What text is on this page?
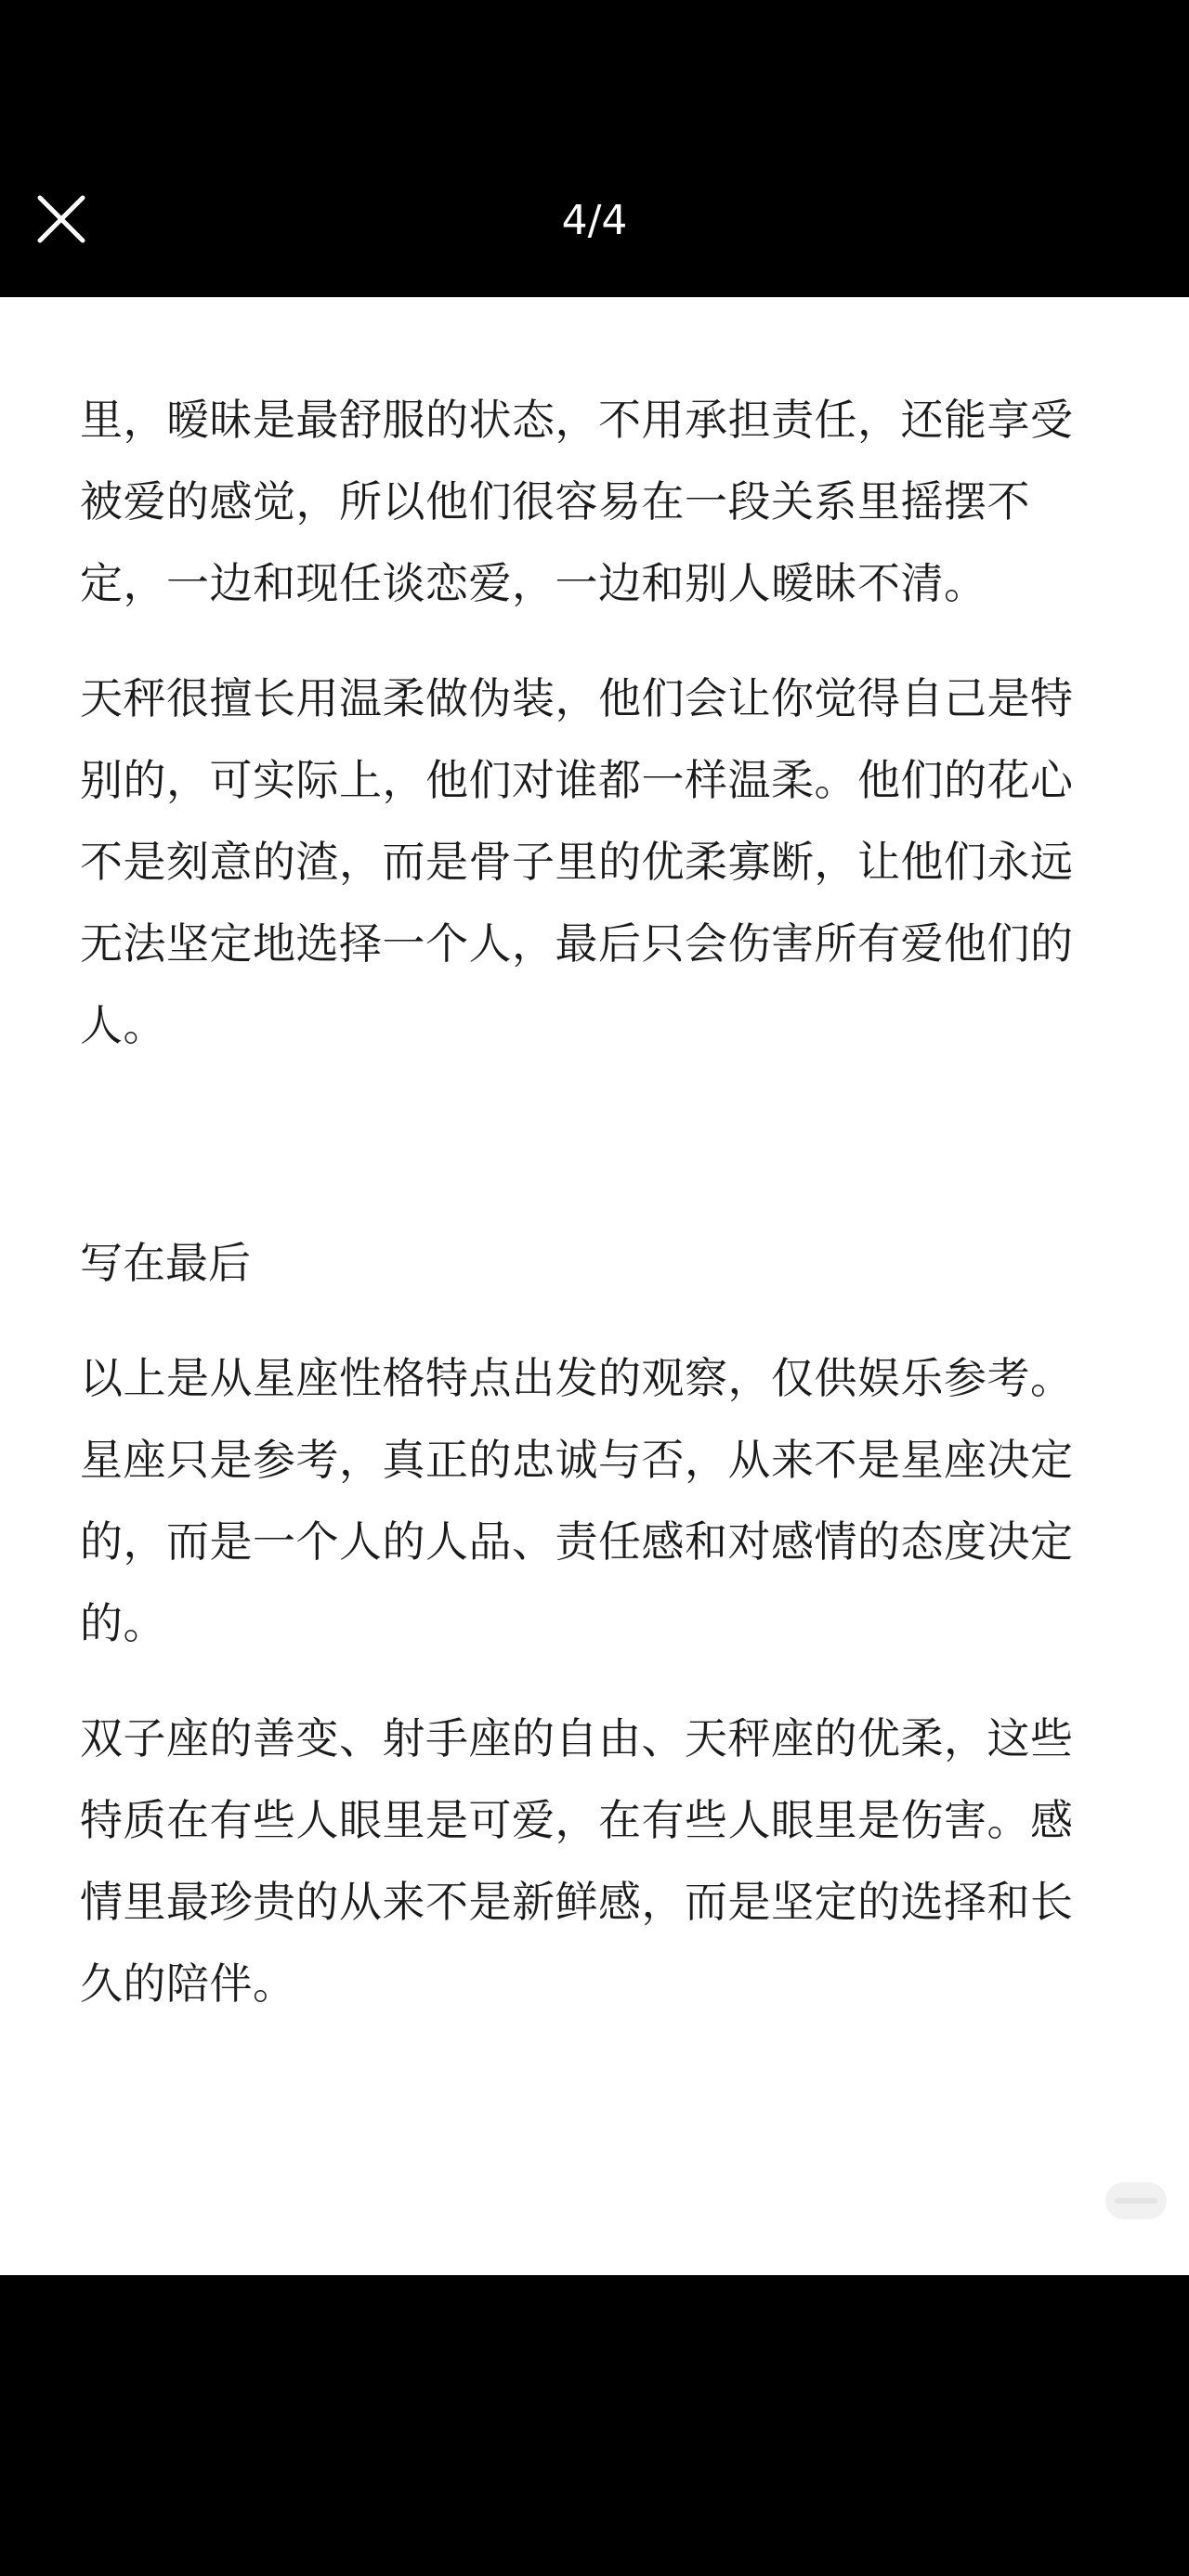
4/4

里，暧昧是最舒服的状态，不用承担责任，还能享受被爱的感觉，所以他们很容易在一段关系里摇摆不定，一边和现任谈恋爱，一边和别人暧昧不清。

天秤很擅长用温柔做伪装，他们会让你觉得自己是特别的，可实际上，他们对谁都一样温柔。他们的花心不是刻意的渣，而是骨子里的优柔寡断，让他们永远无法坚定地选择一个人，最后只会伤害所有爱他们的人。

写在最后

以上是从星座性格特点出发的观察，仅供娱乐参考。星座只是参考，真正的忠诚与否，从来不是星座决定的，而是一个人的人品、责任感和对感情的态度决定的。

双子座的善变、射手座的自由、天秤座的优柔，这些特质在有些人眼里是可爱，在有些人眼里是伤害。感情里最珍贵的从来不是新鲜感，而是坚定的选择和长久的陪伴。
